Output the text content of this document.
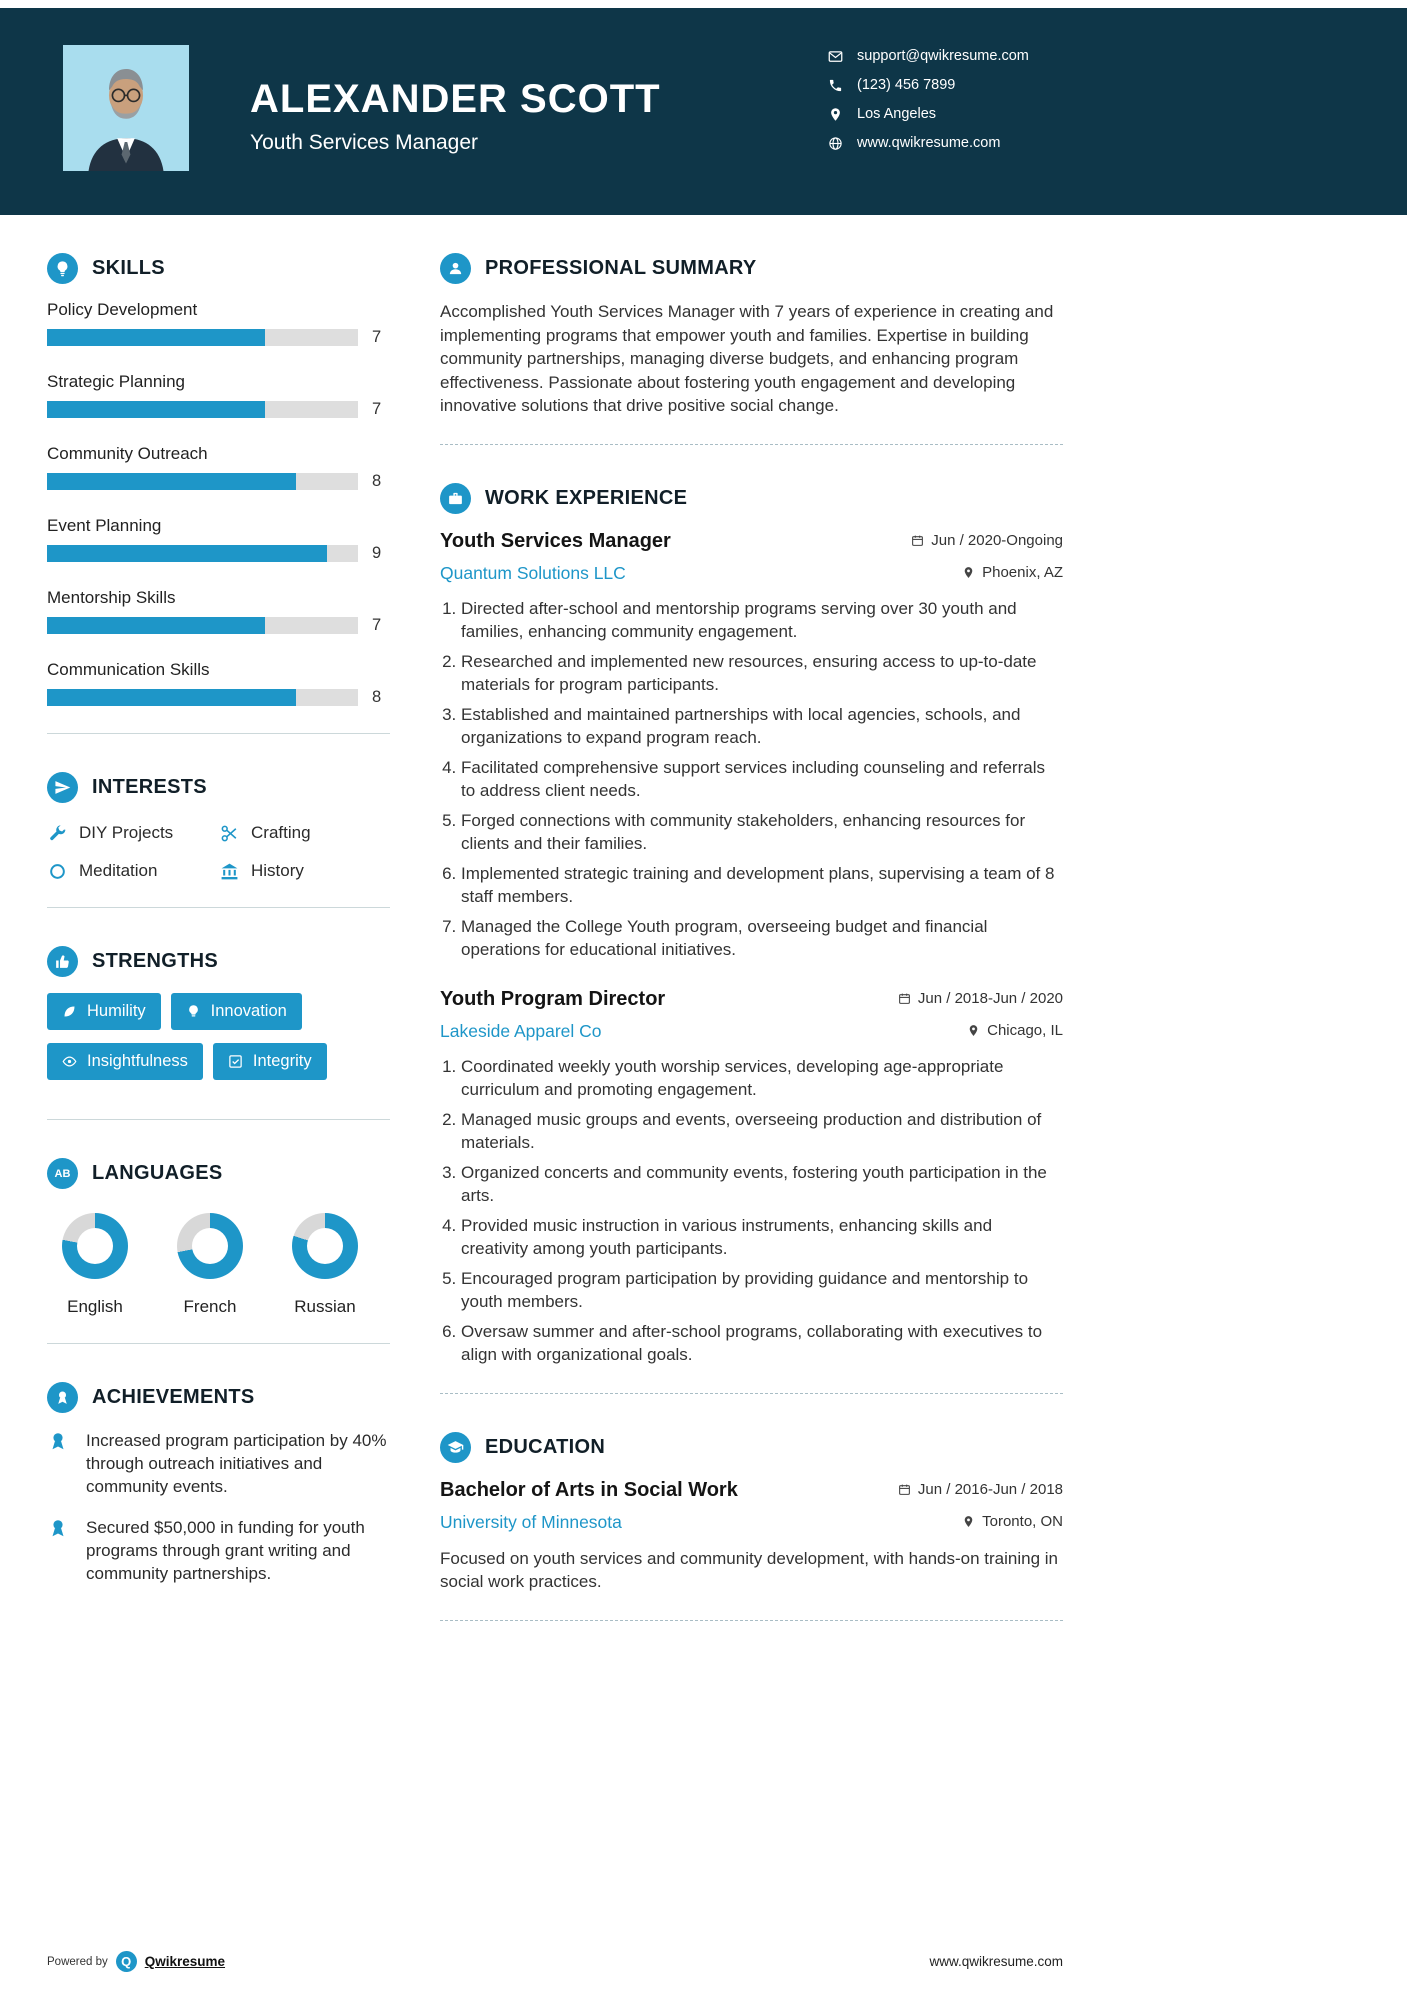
ALEXANDER SCOTT
Youth Services Manager
support@qwikresume.com
(123) 456 7899
Los Angeles
www.qwikresume.com
SKILLS
Policy Development
7
Strategic Planning
7
Community Outreach
8
Event Planning
9
Mentorship Skills
7
Communication Skills
8
INTERESTS
DIY Projects	Crafting
Meditation	History
STRENGTHS
Humility	Innovation

Insightfulness	Integrity
AB	LANGUAGES
English	French	Russian
ACHIEVEMENTS
Increased program participation by 40% through outreach initiatives and community events.
Secured $50,000 in funding for youth programs through grant writing and community partnerships.
PROFESSIONAL SUMMARY

Accomplished Youth Services Manager with 7 years of experience in creating and implementing programs that empower youth and families. Expertise in building community partnerships, managing diverse budgets, and enhancing program effectiveness. Passionate about fostering youth engagement and developing innovative solutions that drive positive social change.

WORK EXPERIENCE
Youth Services Manager	Jun / 2020-Ongoing
Quantum Solutions LLC	Phoenix, AZ
1. Directed after-school and mentorship programs serving over 30 youth and families, enhancing community engagement.
2. Researched and implemented new resources, ensuring access to up-to-date materials for program participants.
3. Established and maintained partnerships with local agencies, schools, and organizations to expand program reach.
4. Facilitated comprehensive support services including counseling and referrals to address client needs.
5. Forged connections with community stakeholders, enhancing resources for clients and their families.
6. Implemented strategic training and development plans, supervising a team of 8 staff members.
7. Managed the College Youth program, overseeing budget and financial operations for educational initiatives.
Youth Program Director	Jun / 2018-Jun / 2020
Lakeside Apparel Co	Chicago, IL
1. Coordinated weekly youth worship services, developing age-appropriate curriculum and promoting engagement.
2. Managed music groups and events, overseeing production and distribution of materials.
3. Organized concerts and community events, fostering youth participation in the arts.
4. Provided music instruction in various instruments, enhancing skills and creativity among youth participants.
5. Encouraged program participation by providing guidance and mentorship to youth members.
6. Oversaw summer and after-school programs, collaborating with executives to align with organizational goals.
EDUCATION
Bachelor of Arts in Social Work	Jun / 2016-Jun / 2018
University of Minnesota	Toronto, ON

Focused on youth services and community development, with hands-on training in social work practices.

Powered by	Q Qwikresume	www.qwikresume.com
